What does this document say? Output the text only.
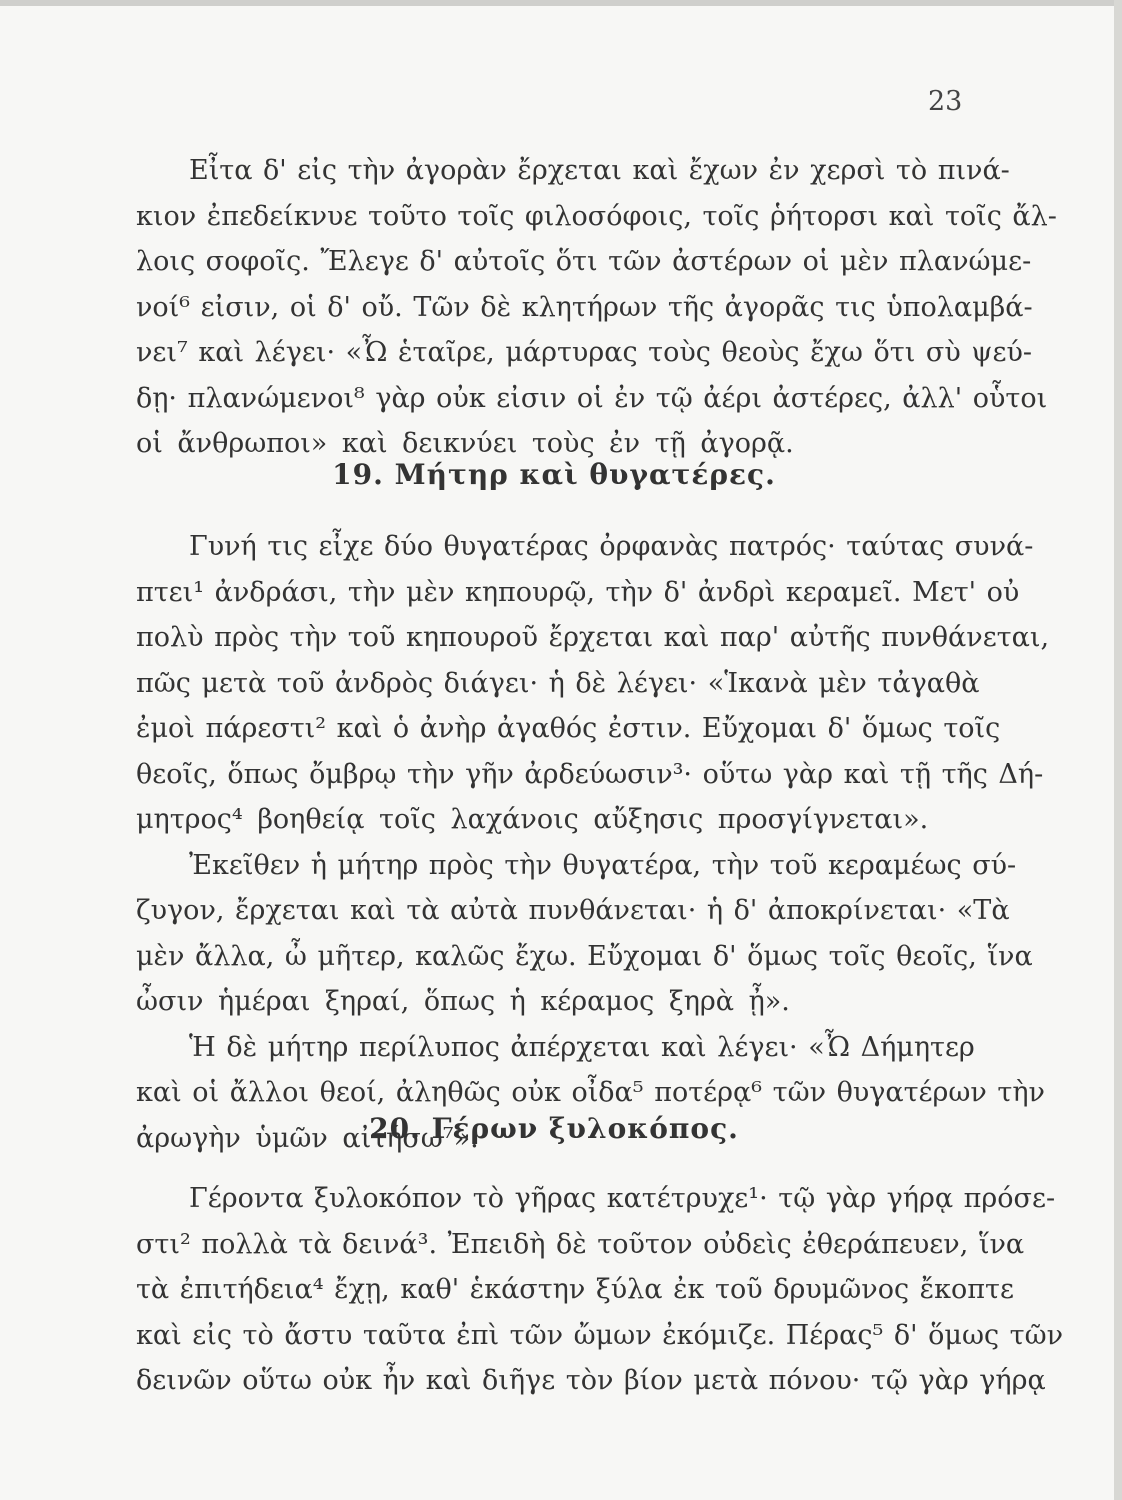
23
Εἶτα δ' εἰς τὴν ἀγορὰν ἔρχεται καὶ ἔχων ἐν χερσὶ τὸ πινά-
κιον ἐπεδείκνυε τοῦτο τοῖς φιλοσόφοις, τοῖς ῥήτορσι καὶ τοῖς ἄλ-
λοις σοφοῖς. Ἔλεγε δ' αὐτοῖς ὅτι τῶν ἀστέρων οἱ μὲν πλανώμε-
νοί⁶ εἰσιν, οἱ δ' οὔ. Τῶν δὲ κλητήρων τῆς ἀγορᾶς τις ὑπολαμβά-
νει⁷ καὶ λέγει· «Ὦ ἑταῖρε, μάρτυρας τοὺς θεοὺς ἔχω ὅτι σὺ ψεύ-
δῃ· πλανώμενοι⁸ γὰρ οὐκ εἰσιν οἱ ἐν τῷ ἀέρι ἀστέρες, ἀλλ' οὗτοι
οἱ ἄνθρωποι» καὶ δεικνύει τοὺς ἐν τῇ ἀγορᾷ.
19. Μήτηρ καὶ θυγατέρες.
Γυνή τις εἶχε δύο θυγατέρας ὀρφανὰς πατρός· ταύτας συνά-
πτει¹ ἀνδράσι, τὴν μὲν κηπουρῷ, τὴν δ' ἀνδρὶ κεραμεῖ. Μετ' οὐ
πολὺ πρὸς τὴν τοῦ κηπουροῦ ἔρχεται καὶ παρ' αὐτῆς πυνθάνεται,
πῶς μετὰ τοῦ ἀνδρὸς διάγει· ἡ δὲ λέγει· «Ἱκανὰ μὲν τἀγαθὰ
ἐμοὶ πάρεστι² καὶ ὁ ἀνὴρ ἀγαθός ἐστιν. Εὔχομαι δ' ὅμως τοῖς
θεοῖς, ὅπως ὄμβρῳ τὴν γῆν ἀρδεύωσιν³· οὕτω γὰρ καὶ τῇ τῆς Δή-
μητρος⁴ βοηθείᾳ τοῖς λαχάνοις αὔξησις προσγίγνεται».
Ἐκεῖθεν ἡ μήτηρ πρὸς τὴν θυγατέρα, τὴν τοῦ κεραμέως σύ-
ζυγον, ἔρχεται καὶ τὰ αὐτὰ πυνθάνεται· ἡ δ' ἀποκρίνεται· «Τὰ
μὲν ἄλλα, ὦ μῆτερ, καλῶς ἔχω. Εὔχομαι δ' ὅμως τοῖς θεοῖς, ἵνα
ὦσιν ἡμέραι ξηραί, ὅπως ἡ κέραμος ξηρὰ ᾖ».
Ἡ δὲ μήτηρ περίλυπος ἀπέρχεται καὶ λέγει· «Ὦ Δήμητερ
καὶ οἱ ἄλλοι θεοί, ἀληθῶς οὐκ οἶδα⁵ ποτέρᾳ⁶ τῶν θυγατέρων τὴν
ἀρωγὴν ὑμῶν αἰτήσω⁷».
20. Γέρων ξυλοκόπος.
Γέροντα ξυλοκόπον τὸ γῆρας κατέτρυχε¹· τῷ γὰρ γήρᾳ πρόσε-
στι² πολλὰ τὰ δεινά³. Ἐπειδὴ δὲ τοῦτον οὐδεὶς ἐθεράπευεν, ἵνα
τὰ ἐπιτήδεια⁴ ἔχῃ, καθ' ἑκάστην ξύλα ἐκ τοῦ δρυμῶνος ἔκοπτε
καὶ εἰς τὸ ἄστυ ταῦτα ἐπὶ τῶν ὤμων ἐκόμιζε. Πέρας⁵ δ' ὅμως τῶν
δεινῶν οὕτω οὐκ ἦν καὶ διῆγε τὸν βίον μετὰ πόνου· τῷ γὰρ γήρᾳ
